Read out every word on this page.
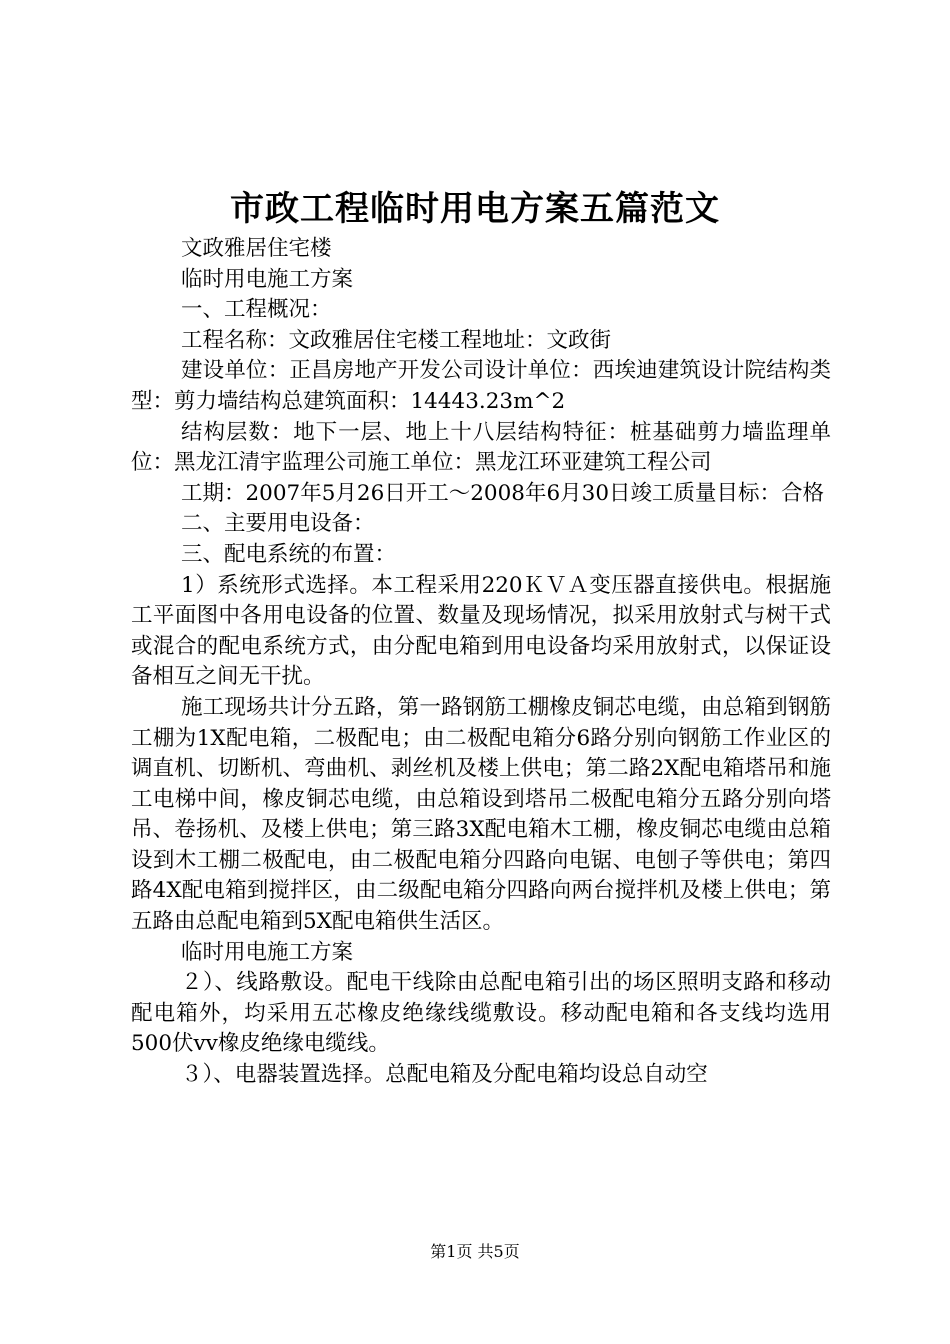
市政工程临时用电方案五篇范文

文政雅居住宅楼

临时用电施工方案

一、工程概况：

工程名称：文政雅居住宅楼工程地址：文政街

建设单位：正昌房地产开发公司设计单位：西埃迪建筑设计院结构类型：剪力墙结构总建筑面积：14443.23m^2

结构层数：地下一层、地上十八层结构特征：桩基础剪力墙监理单位：黑龙江清宇监理公司施工单位：黑龙江环亚建筑工程公司

工期：2007年5月26日开工～2008年6月30日竣工质量目标：合格

二、主要用电设备：

三、配电系统的布置：

1）系统形式选择。本工程采用220ＫＶＡ变压器直接供电。根据施工平面图中各用电设备的位置、数量及现场情况，拟采用放射式与树干式或混合的配电系统方式，由分配电箱到用电设备均采用放射式，以保证设备相互之间无干扰。

施工现场共计分五路，第一路钢筋工棚橡皮铜芯电缆，由总箱到钢筋工棚为1X配电箱，二极配电；由二极配电箱分6路分别向钢筋工作业区的调直机、切断机、弯曲机、剥丝机及楼上供电；第二路2X配电箱塔吊和施工电梯中间，橡皮铜芯电缆，由总箱设到塔吊二极配电箱分五路分别向塔吊、卷扬机、及楼上供电；第三路3X配电箱木工棚，橡皮铜芯电缆由总箱设到木工棚二极配电，由二极配电箱分四路向电锯、电刨子等供电；第四路4X配电箱到搅拌区，由二级配电箱分四路向两台搅拌机及楼上供电；第五路由总配电箱到5X配电箱供生活区。

临时用电施工方案

２）、线路敷设。配电干线除由总配电箱引出的场区照明支路和移动配电箱外，均采用五芯橡皮绝缘线缆敷设。移动配电箱和各支线均选用500伏vv橡皮绝缘电缆线。

３）、电器装置选择。总配电箱及分配电箱均设总自动空

第1页 共5页
